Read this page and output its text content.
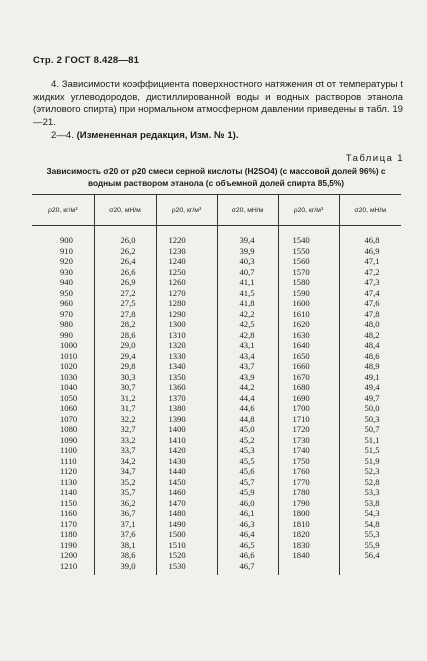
Стр. 2 ГОСТ 8.428—81
4. Зависимости коэффициента поверхностного натяжения σt от температуры t жидких углеводородов, дистиллированной воды и водных растворов этанола (этилового спирта) при нормальном атмосферном давлении приведены в табл. 19—21.
2—4. (Измененная редакция, Изм. № 1).
Таблица 1
Зависимость σ20 от ρ20 смеси серной кислоты (H2SO4) (с массовой долей 96%) с водным раствором этанола (с объемной долей спирта 85,5%)
ρ20, кг/м³	σ20, мН/м	ρ20, кг/м³	σ20, мН/м	ρ20, кг/м³	σ20, мН/м
900	26,0	1220	39,4	1540	46,8
910	26,2	1230	39,9	1550	46,9
920	26,4	1240	40,3	1560	47,1
930	26,6	1250	40,7	1570	47,2
940	26,9	1260	41,1	1580	47,3
950	27,2	1270	41,5	1590	47,4
960	27,5	1280	41,8	1600	47,6
970	27,8	1290	42,2	1610	47,8
980	28,2	1300	42,5	1620	48,0
990	28,6	1310	42,8	1630	48,2
1000	29,0	1320	43,1	1640	48,4
1010	29,4	1330	43,4	1650	48,6
1020	29,8	1340	43,7	1660	48,9
1030	30,3	1350	43,9	1670	49,1
1040	30,7	1360	44,2	1680	49,4
1050	31,2	1370	44,4	1690	49,7
1060	31,7	1380	44,6	1700	50,0
1070	32,2	1390	44,8	1710	50,3
1080	32,7	1400	45,0	1720	50,7
1090	33,2	1410	45,2	1730	51,1
1100	33,7	1420	45,3	1740	51,5
1110	34,2	1430	45,5	1750	51,9
1120	34,7	1440	45,6	1760	52,3
1130	35,2	1450	45,7	1770	52,8
1140	35,7	1460	45,9	1780	53,3
1150	36,2	1470	46,0	1790	53,8
1160	36,7	1480	46,1	1800	54,3
1170	37,1	1490	46,3	1810	54,8
1180	37,6	1500	46,4	1820	55,3
1190	38,1	1510	46,5	1830	55,9
1200	38,6	1520	46,6	1840	56,4
1210	39,0	1530	46,7		
